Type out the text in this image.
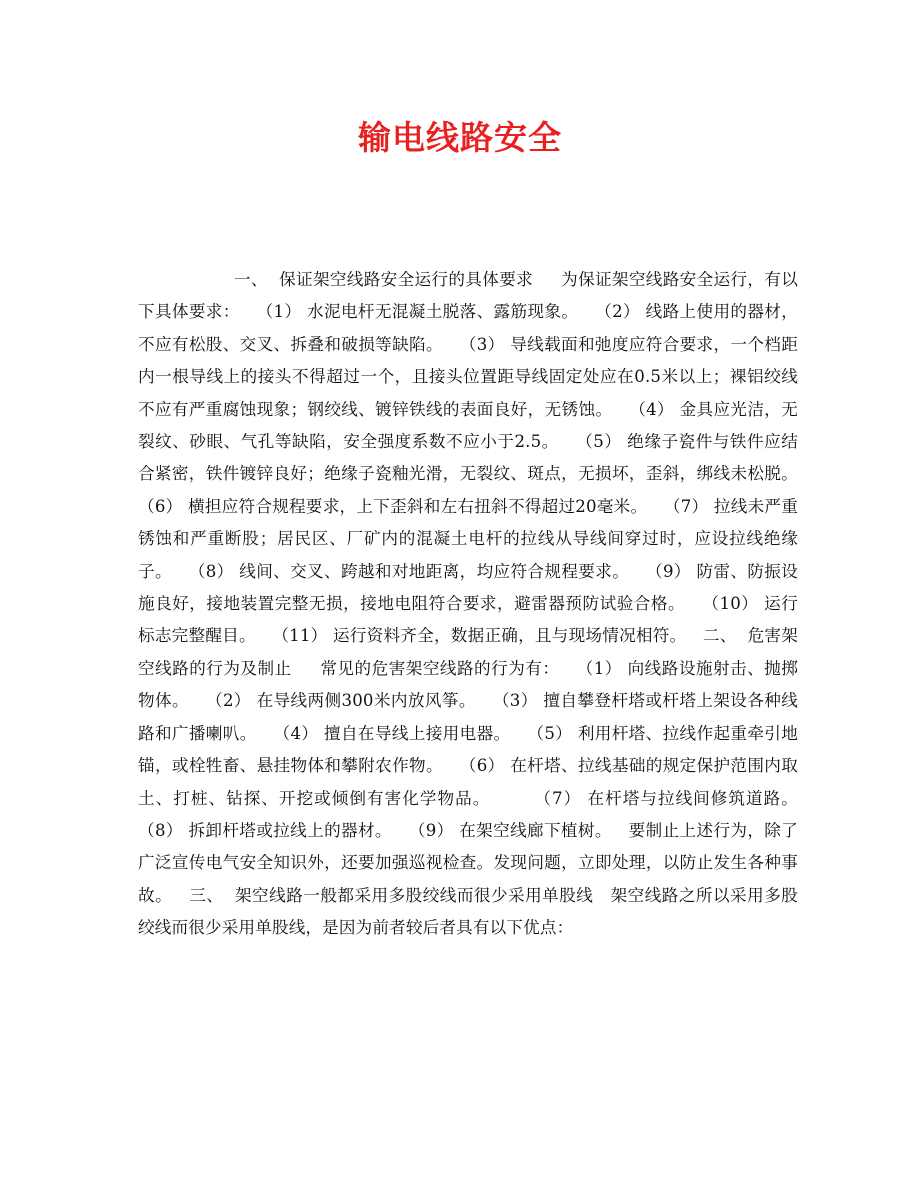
输电线路安全
一、  保证架空线路安全运行的具体要求     为保证架空线路安全运行，有以下具体要求：   （1） 水泥电杆无混凝土脱落、露筋现象。   （2） 线路上使用的器材，不应有松股、交叉、拆叠和破损等缺陷。   （3） 导线载面和弛度应符合要求，一个档距内一根导线上的接头不得超过一个，且接头位置距导线固定处应在0.5米以上；裸铝绞线不应有严重腐蚀现象；钢绞线、镀锌铁线的表面良好，无锈蚀。   （4） 金具应光洁，无裂纹、砂眼、气孔等缺陷，安全强度系数不应小于2.5。   （5） 绝缘子瓷件与铁件应结合紧密，铁件镀锌良好；绝缘子瓷釉光滑，无裂纹、斑点，无损坏，歪斜，绑线未松脱。   （6） 横担应符合规程要求，上下歪斜和左右扭斜不得超过20毫米。   （7） 拉线未严重锈蚀和严重断股；居民区、厂矿内的混凝土电杆的拉线从导线间穿过时，应设拉线绝缘子。   （8） 线间、交叉、跨越和对地距离，均应符合规程要求。   （9） 防雷、防振设施良好，接地装置完整无损，接地电阻符合要求，避雷器预防试验合格。   （10） 运行标志完整醒目。   （11） 运行资料齐全，数据正确，且与现场情况相符。   二、  危害架空线路的行为及制止     常见的危害架空线路的行为有：   （1） 向线路设施射击、抛掷物体。   （2） 在导线两侧300米内放风筝。   （3） 擅自攀登杆塔或杆塔上架设各种线路和广播喇叭。   （4） 擅自在导线上接用电器。   （5） 利用杆塔、拉线作起重牵引地锚，或栓牲畜、悬挂物体和攀附农作物。   （6） 在杆塔、拉线基础的规定保护范围内取土、打桩、钻探、开挖或倾倒有害化学物品。       （7） 在杆塔与拉线间修筑道路。   （8） 拆卸杆塔或拉线上的器材。   （9） 在架空线廊下植树。   要制止上述行为，除了广泛宣传电气安全知识外，还要加强巡视检查。发现问题，立即处理，以防止发生各种事故。   三、  架空线路一般都采用多股绞线而很少采用单股线   架空线路之所以采用多股绞线而很少采用单股线，是因为前者较后者具有以下优点：
